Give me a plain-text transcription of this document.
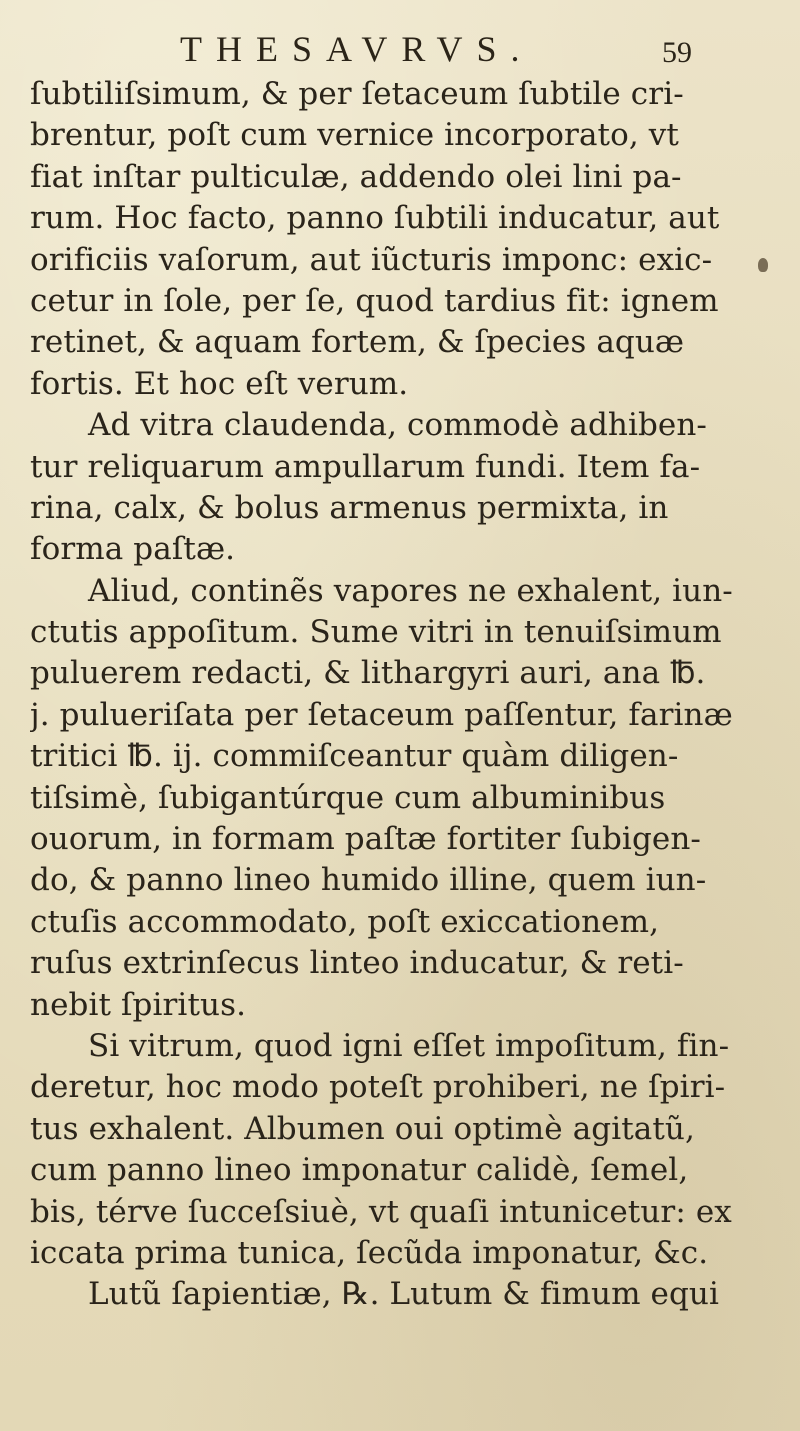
THESAVRVS.	59
ſubtiliſsimum, & per ſetaceum ſubtile cri-
brentur, poſt cum vernice incorporato, vt
fiat inſtar pulticulæ, addendo olei lini pa-
rum. Hoc facto, panno ſubtili inducatur, aut
orificiis vaſorum, aut iũcturis imponc: exic-
cetur in ſole, per ſe, quod tardius fit: ignem
retinet, & aquam fortem, & ſpecies aquæ
fortis. Et hoc eſt verum.
Ad vitra claudenda, commodè adhiben-
tur reliquarum ampullarum fundi. Item fa-
rina, calx, & bolus armenus permixta, in
forma paſtæ.
Aliud, continẽs vapores ne exhalent, iun-
ctutis appoſitum. Sume vitri in tenuiſsimum
puluerem redacti, & lithargyri auri, ana ℔.
j. pulueriſata per ſetaceum paſſentur, farinæ
tritici ℔. ij. commiſceantur quàm diligen-
tiſsimè, ſubigantúrque cum albuminibus
ouorum, in formam paſtæ fortiter ſubigen-
do, & panno lineo humido illine, quem iun-
ctuſis accommodato, poſt exiccationem,
ruſus extrinſecus linteo inducatur, & reti-
nebit ſpiritus.
Si vitrum, quod igni eſſet impoſitum, fin-
deretur, hoc modo poteſt prohiberi, ne ſpiri-
tus exhalent. Albumen oui optimè agitatũ,
cum panno lineo imponatur calidè, ſemel,
bis, térve ſucceſsiuè, vt quaſi intunicetur: ex
iccata prima tunica, ſecũda imponatur, &c.
Lutũ ſapientiæ, ℞. Lutum & fimum equi
